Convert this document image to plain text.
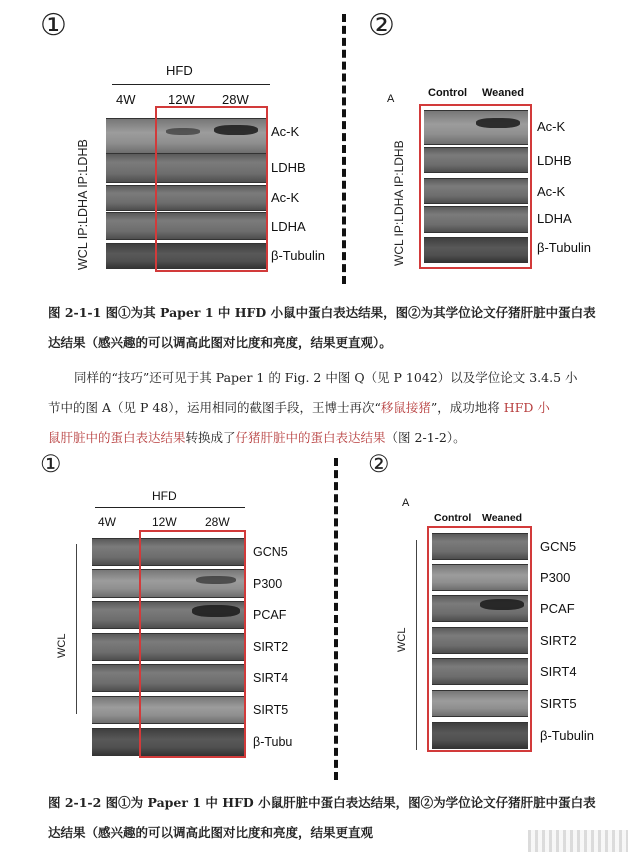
①	②
HFD
4W	12W 28W
WCL IP:LDHA IP:LDHB
Ac-K
LDHB
Ac-K
LDHA
β-Tubulin
A	Control Weaned
WCL IP:LDHA IP:LDHB
Ac-K
LDHB
Ac-K
LDHA
β-Tubulin
图 2-1-1 图①为其 Paper 1 中 HFD 小鼠中蛋白表达结果，图②为其学位论文仔猪肝脏中蛋白表
达结果（感兴趣的可以调高此图对比度和亮度，结果更直观）。
同样的“技巧”还可见于其 Paper 1 的 Fig. 2 中图 Q（见 P 1042）以及学位论文 3.4.5 小
节中的图 A（见 P 48），运用相同的截图手段，王博士再次“移鼠接猪”，成功地将 HFD 小
鼠肝脏中的蛋白表达结果转换成了仔猪肝脏中的蛋白表达结果（图 2-1-2）。
①	②
HFD
4W	12W 28W
WCL
GCN5
P300
PCAF
SIRT2
SIRT4
SIRT5
β-Tubu
A
Control Weaned
WCL
GCN5
P300
PCAF
SIRT2
SIRT4
SIRT5
β-Tubulin
图 2-1-2 图①为 Paper 1 中 HFD 小鼠肝脏中蛋白表达结果，图②为学位论文仔猪肝脏中蛋白表
达结果（感兴趣的可以调高此图对比度和亮度，结果更直观
